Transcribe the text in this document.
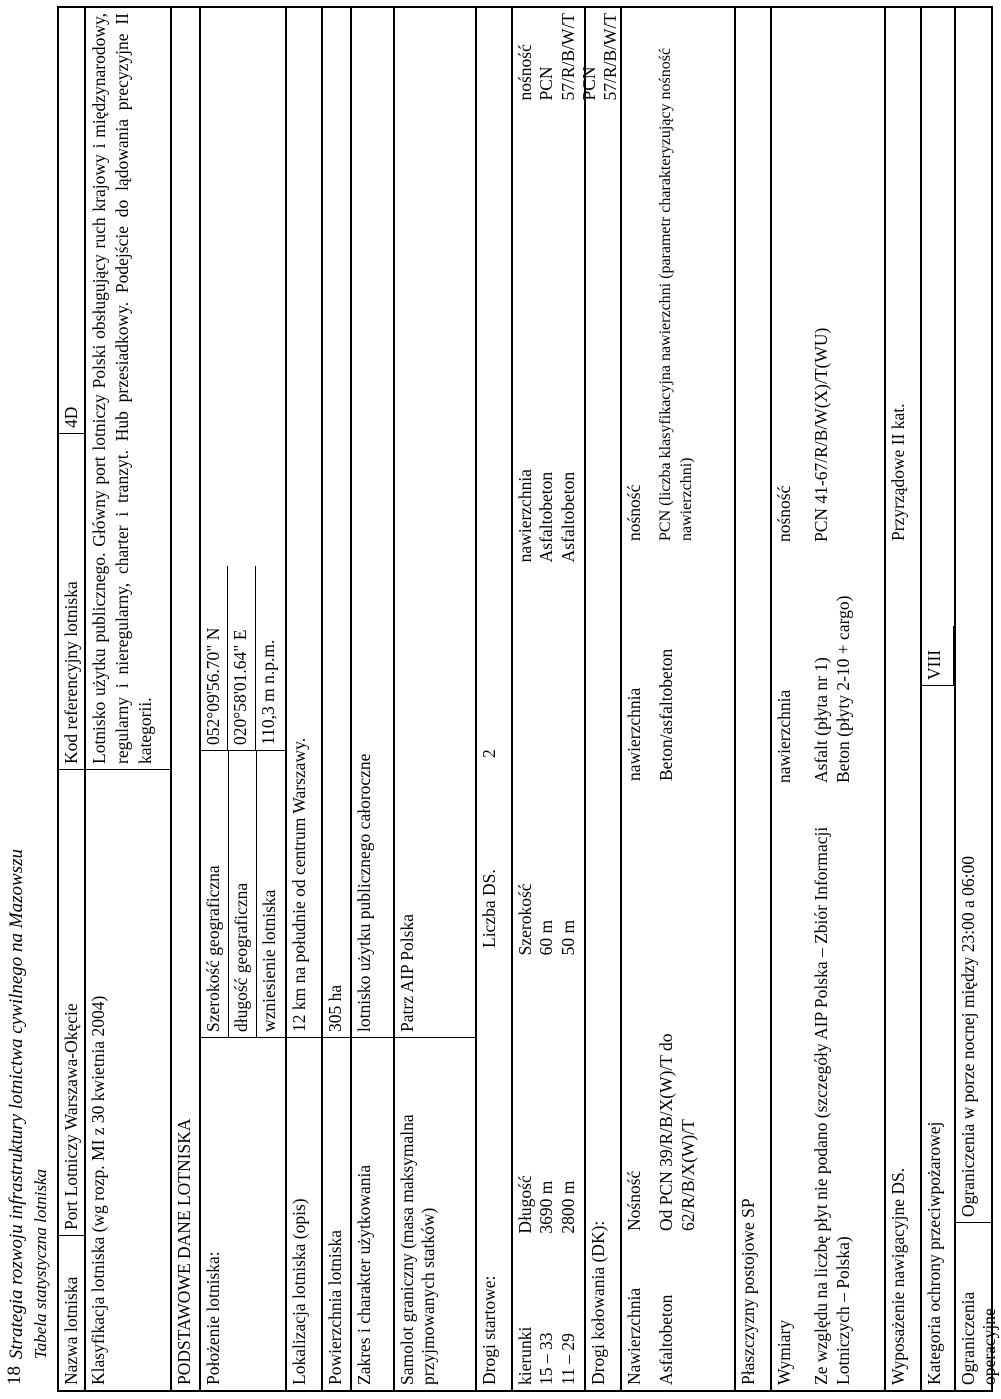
18
Strategia rozwoju infrastruktury lotnictwa cywilnego na Mazowszu Tabela statystyczna lotniska Nazwa lotniska
Port Lotniczy Warszawa-Okęcie
Kod referencyjny lotniska
4D
Klasyfikacja lotniska (wg rozp. MI z 30 kwietnia 2004)
Lotnisko użytku publicznego. Główny port lotniczy Polski obsługujący ruch krajowy i międzynarodowy, regularny i nieregularny, charter i tranzyt. Hub przesiadkowy. Podejście do lądowania precyzyjne II kategorii.
PODSTAWOWE DANE LOTNISKA Położenie lotniska:
Szerokość geograficzna długość geograficzna wzniesienie lotniska
052°09'56.70" N 020°58'01.64" E 110,3 m n.p.m.
Lokalizacja lotniska (opis)
12 km na południe od centrum Warszawy.
Powierzchnia lotniska
305 ha
Zakres i charakter użytkowania
lotnisko użytku publicznego całoroczne
Samolot graniczny (masa maksymalna przyjmowanych statków)
Patrz AIP Polska
Drogi startowe:
Liczba DS.
2
kierunki 15 – 33 11 – 29
Długość 3690 m 2800 m
Szerokość 60 m 50 m
nawierzchnia Asfaltobeton Asfaltobeton
nośność PCN 57/R/B/W/T PCN 57/R/B/W/T
Drogi kołowania (DK): Nawierzchnia Asfaltobeton
Nośność Od PCN 39/R/B/X(W)/T do 62/R/B/X(W)/T
nawierzchnia Beton/asfaltobeton
nośność PCN (liczba klasyfikacyjna nawierzchni (parametr charakteryzujący nośność nawierzchni)
Płaszczyzny postojowe SP Wymiary Ze względu na liczbę płyt nie podano (szczegóły AIP Polska – Zbiór Informacji Lotniczych – Polska)
nawierzchnia Asfalt (płyta nr 1) Beton (płyty 2-10 + cargo)
nośność PCN 41-67/R/B/W(X)/T(WU)
Wyposażenie nawigacyjne DS.
Przyrządowe II kat.
Kategoria ochrony przeciwpożarowej
VIII
Ograniczenia operacyjne
Ograniczenia w porze nocnej między 23:00 a 06:00
